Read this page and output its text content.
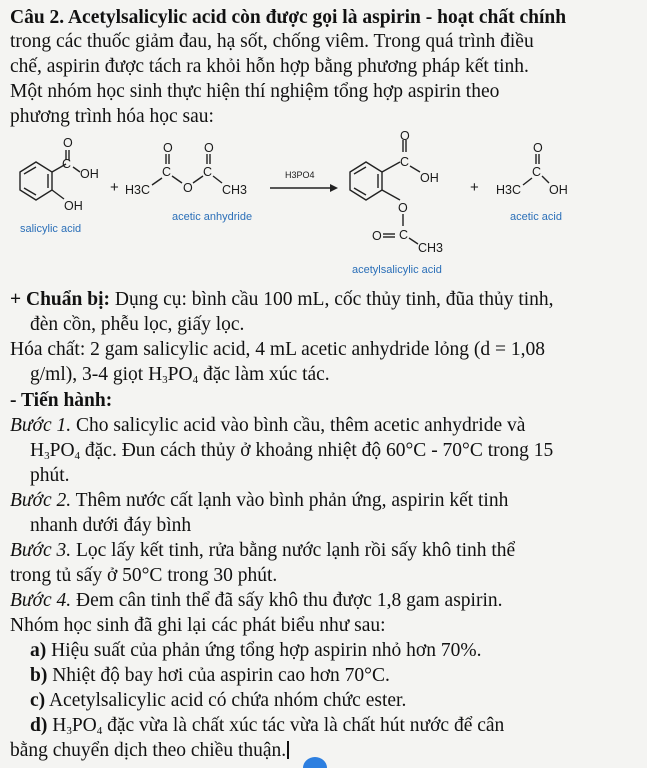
Câu 2. Acetylsalicylic acid còn được gọi là aspirin - hoạt chất chính
trong các thuốc giảm đau, hạ sốt, chống viêm. Trong quá trình điều
chế, aspirin được tách ra khỏi hỗn hợp bằng phương pháp kết tinh.
Một nhóm học sinh thực hiện thí nghiệm tổng hợp aspirin theo
phương trình hóa học sau:
O
C
OH
OH
salicylic acid
+ H3C
C
O
O
C
O
CH3
acetic anhydride
H3PO4
C
O
OH
O
C
O
CH3
acetylsalicylic acid
+ H3C
C
O
OH
acetic acid
+ Chuẩn bị: Dụng cụ: bình cầu 100 mL, cốc thủy tinh, đũa thủy tinh,
đèn cồn, phễu lọc, giấy lọc.
Hóa chất: 2 gam salicylic acid, 4 mL acetic anhydride lỏng (d = 1,08
g/ml), 3-4 giọt $H_3PO_4$ đặc làm xúc tác.
- Tiến hành:
Bước 1. Cho salicylic acid vào bình cầu, thêm acetic anhydride và
$H_3PO_4$ đặc. Đun cách thủy ở khoảng nhiệt độ 60°C - 70°C trong 15
phút.
Bước 2. Thêm nước cất lạnh vào bình phản ứng, aspirin kết tinh
nhanh dưới đáy bình
Bước 3. Lọc lấy kết tinh, rửa bằng nước lạnh rồi sấy khô tinh thể
trong tủ sấy ở 50°C trong 30 phút.
Bước 4. Đem cân tinh thể đã sấy khô thu được 1,8 gam aspirin.
Nhóm học sinh đã ghi lại các phát biểu như sau:
a) Hiệu suất của phản ứng tổng hợp aspirin nhỏ hơn 70%.
b) Nhiệt độ bay hơi của aspirin cao hơn 70°C.
c) Acetylsalicylic acid có chứa nhóm chức ester.
d) $H_3PO_4$ đặc vừa là chất xúc tác vừa là chất hút nước để cân
bằng chuyển dịch theo chiều thuận.
